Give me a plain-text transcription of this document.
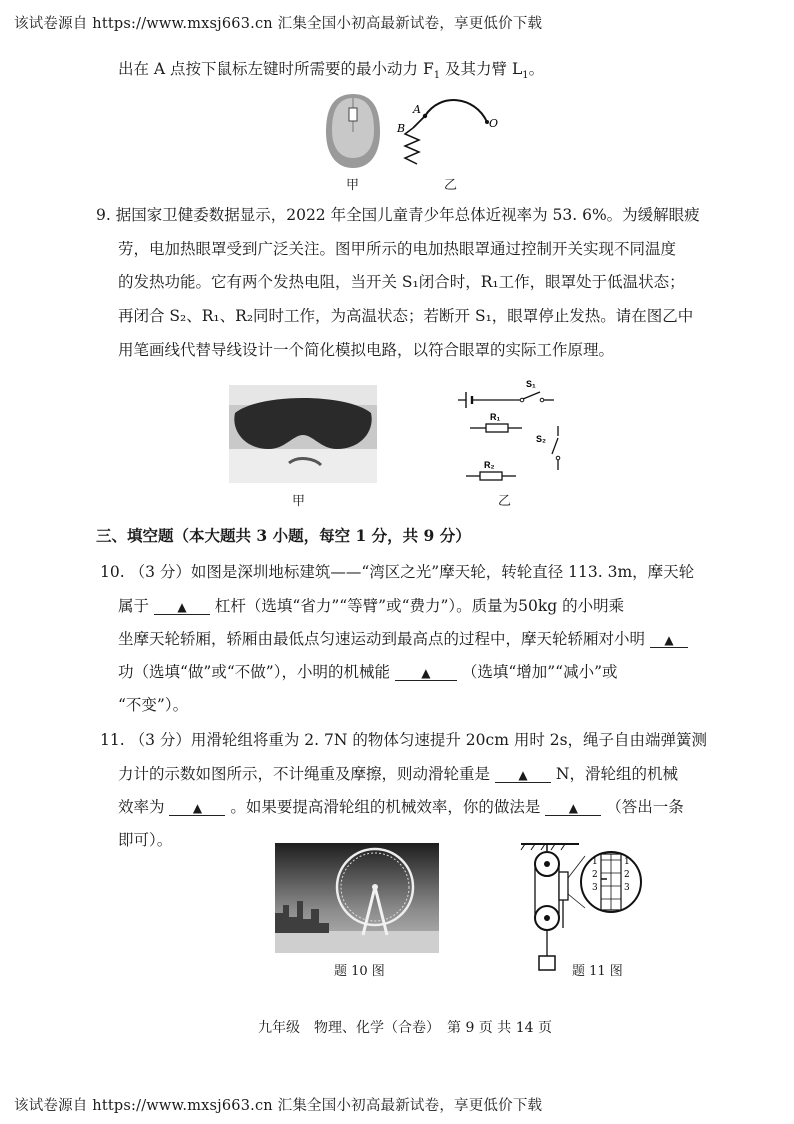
该试卷源自 https://www.mxsj663.cn 汇集全国小初高最新试卷，享更低价下载
出在 A 点按下鼠标左键时所需要的最小动力 $F_1$ 及其力臂 $L_1$。
A
B	O
甲	乙
9. 据国家卫健委数据显示，2022 年全国儿童青少年总体近视率为 53. 6%。为缓解眼疲
劳，电加热眼罩受到广泛关注。图甲所示的电加热眼罩通过控制开关实现不同温度
的发热功能。它有两个发热电阻，当开关 S₁闭合时，R₁工作，眼罩处于低温状态；
再闭合 S₂、R₁、R₂同时工作，为高温状态；若断开 S₁，眼罩停止发热。请在图乙中
用笔画线代替导线设计一个简化模拟电路，以符合眼罩的实际工作原理。
甲
S₁
R₁
S₂
R₂
乙
三、填空题（本大题共 3 小题，每空 1 分，共 9 分）
10. （3 分）如图是深圳地标建筑——“湾区之光”摩天轮，转轮直径 113. 3m，摩天轮
属于 ▲ 杠杆（选填“省力”“等臂”或“费力”）。质量为50kg 的小明乘
坐摩天轮轿厢，轿厢由最低点匀速运动到最高点的过程中，摩天轮轿厢对小明 ▲
功（选填“做”或“不做”），小明的机械能	▲ （选填“增加”“减小”或
“不变”）。
11. （3 分）用滑轮组将重为 2. 7N 的物体匀速提升 20cm 用时 2s，绳子自由端弹簧测
力计的示数如图所示，不计绳重及摩擦，则动滑轮重是 ▲ N，滑轮组的机械
效率为 ▲ 。如果要提高滑轮组的机械效率，你的做法是 ▲ （答出一条
即可）。
题 10 图
1
2
3
1
2
3
题 11 图
九年级　物理、化学（合卷）　第 9 页 共 14 页
该试卷源自 https://www.mxsj663.cn 汇集全国小初高最新试卷，享更低价下载
